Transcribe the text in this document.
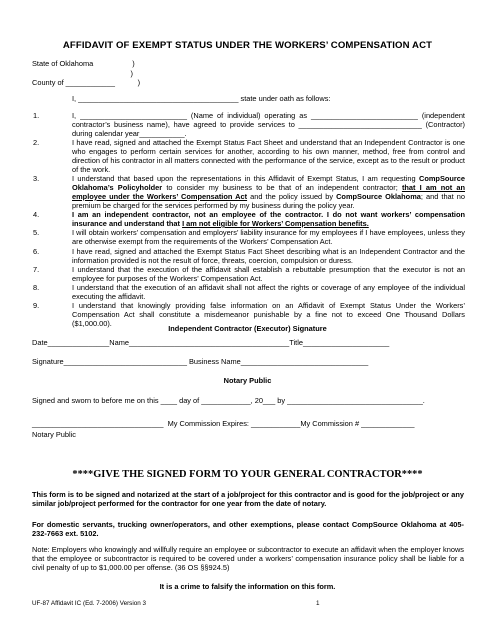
AFFIDAVIT OF EXEMPT STATUS UNDER THE WORKERS’ COMPENSATION ACT
State of Oklahoma                   )
)
County of ____________           )
I, _______________________________________ state under oath as follows:
1.	I, __________________________ (Name of individual) operating as __________________________ (independent contractor’s business name), have agreed to provide services to ______________________________ (Contractor) during calendar year___________.
2.	I have read, signed and attached the Exempt Status Fact Sheet and understand that an Independent Contractor is one who engages to perform certain services for another, according to his own manner, method, free from control and direction of his contractor in all matters connected with the performance of the service, except as to the result or product of the work.
3.	I understand that based upon the representations in this Affidavit of Exempt Status, I am requesting CompSource Oklahoma’s Policyholder to consider my business to be that of an independent contractor; that I am not an employee under the Workers’ Compensation Act and the policy issued by CompSource Oklahoma; and that no premium be charged for the services performed by my business during the policy year.
4.	I am an independent contractor, not an employee of the contractor. I do not want workers’ compensation insurance and understand that I am not eligible for Workers’ Compensation benefits.
5.	I will obtain workers’ compensation and employers’ liability insurance for my employees if I have employees, unless they are otherwise exempt from the requirements of the Workers’ Compensation Act.
6.	I have read, signed and attached the Exempt Status Fact Sheet describing what is an Independent Contractor and the information provided is not the result of force, threats, coercion, compulsion or duress.
7.	I understand that the execution of the affidavit shall establish a rebuttable presumption that the executor is not an employee for purposes of the Workers’ Compensation Act.
8.	I understand that the execution of an affidavit shall not affect the rights or coverage of any employee of the individual executing the affidavit.
9.	I understand that knowingly providing false information on an Affidavit of Exempt Status Under the Workers’ Compensation Act shall constitute a misdemeanor punishable by a fine not to exceed One Thousand Dollars ($1,000.00).
Independent Contractor (Executor) Signature
Date_______________Name_______________________________________Title_____________________
Signature______________________________ Business Name_______________________________
Notary Public
Signed and sworn to before me on this ____ day of ____________, 20___ by _________________________________.
________________________________  My Commission Expires: ____________My Commission # _____________
Notary Public
****GIVE THE SIGNED FORM TO YOUR GENERAL CONTRACTOR****
This form is to be signed and notarized at the start of a job/project for this contractor and is good for the job/project or any similar job/project performed for the contractor for one year from the date of notary.
For domestic servants, trucking owner/operators, and other exemptions, please contact CompSource Oklahoma at 405-232-7663 ext. 5102.
Note: Employers who knowingly and willfully require an employee or subcontractor to execute an affidavit when the employer knows that the employee or subcontractor is required to be covered under a workers’ compensation insurance policy shall be liable for a civil penalty of up to $1,000.00 per offense. (36 OS §§924.5)
It is a crime to falsify the information on this form.
UF-87 Affidavit IC (Ed. 7-2006) Version 3	1
